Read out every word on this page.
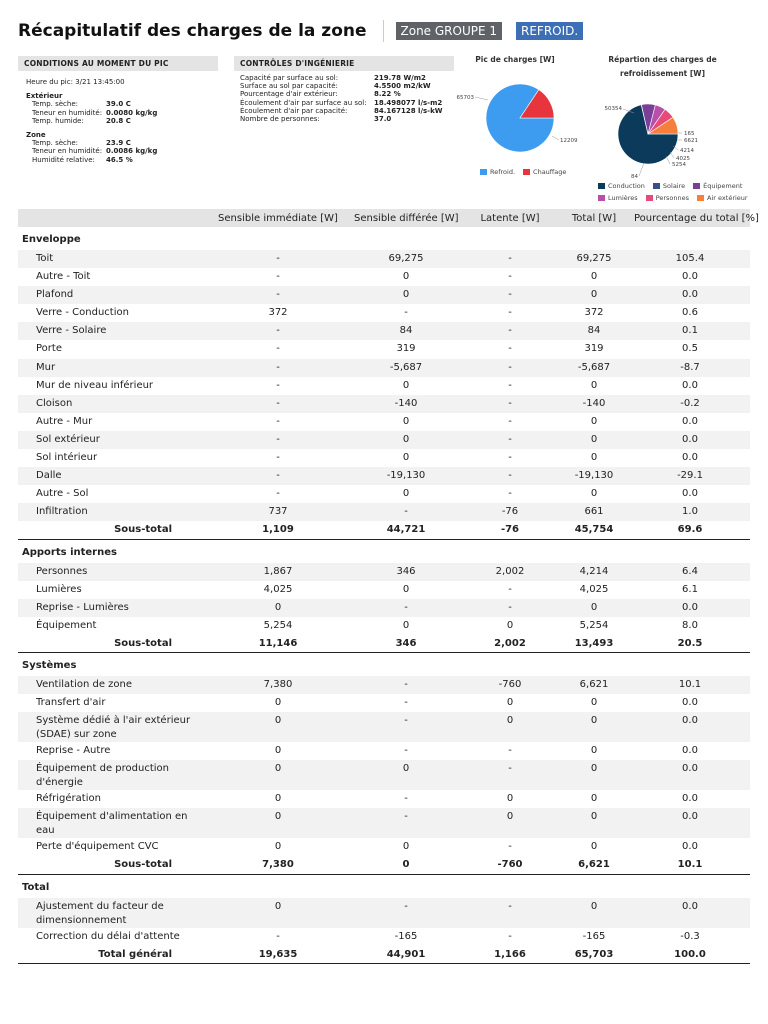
Récapitulatif des charges de la zone	Zone GROUPE 1	REFROID.
CONDITIONS AU MOMENT DU PIC
Heure du pic:
3/21 13:45:00
Extérieur
Temp. sèche:	39.0 C
Teneur en humidité: 0.0080 kg/kg
Temp. humide:	20.8 C
Zone
Temp. sèche:	23.9 C
Teneur en humidité: 0.0086 kg/kg
Humidité relative:	46.5 %
CONTRÔLES D'INGÉNIERIE
Capacité par surface au sol:	219.78 W/m2
Surface au sol par capacité:	4.5500 m2/kW
Pourcentage d'air extérieur:	8.22 %
Écoulement d'air par surface au sol:	18.498077 l/s-m2
Écoulement d'air par capacité:	84.167128 l/s-kW
Nombre de personnes:	37.0
Pic de charges [W]
65703
12209
Refroid.	Chauffage
Répartion des charges de refroidissement [W]
50354
84
5254
4025
4214
6621
165
Conduction	Solaire	Équipement
Lumières	Personnes	Air extérieur
	Sensible immédiate [W]	Sensible différée [W]	Latente [W]	Total [W]	Pourcentage du total [%]
Enveloppe					
Toit	-	69,275	-	69,275	105.4
Autre - Toit	-	0	-	0	0.0
Plafond	-	0	-	0	0.0
Verre - Conduction	372	-	-	372	0.6
Verre - Solaire	-	84	-	84	0.1
Porte	-	319	-	319	0.5
Mur	-	-5,687	-	-5,687	-8.7
Mur de niveau inférieur	-	0	-	0	0.0
Cloison	-	-140	-	-140	-0.2
Autre - Mur	-	0	-	0	0.0
Sol extérieur	-	0	-	0	0.0
Sol intérieur	-	0	-	0	0.0
Dalle	-	-19,130	-	-19,130	-29.1
Autre - Sol	-	0	-	0	0.0
Infiltration	737	-	-76	661	1.0
Sous-total	1,109	44,721	-76	45,754	69.6
Apports internes					
Personnes	1,867	346	2,002	4,214	6.4
Lumières	4,025	0	-	4,025	6.1
Reprise - Lumières	0	-	-	0	0.0
Équipement	5,254	0	0	5,254	8.0
Sous-total	11,146	346	2,002	13,493	20.5
Systèmes					
Ventilation de zone	7,380	-	-760	6,621	10.1
Transfert d'air	0	-	0	0	0.0
Système dédié à l'air extérieur (SDAE) sur zone	0	-	0	0	0.0
Reprise - Autre	0	-	-	0	0.0
Équipement de production d'énergie	0	0	-	0	0.0
Réfrigération	0	-	0	0	0.0
Équipement d'alimentation en eau	0	-	0	0	0.0
Perte d'équipement CVC	0	0	-	0	0.0
Sous-total	7,380	0	-760	6,621	10.1
Total					
Ajustement du facteur de dimensionnement	0	-	-	0	0.0
Correction du délai d'attente	-	-165	-	-165	-0.3
Total général	19,635	44,901	1,166	65,703	100.0
